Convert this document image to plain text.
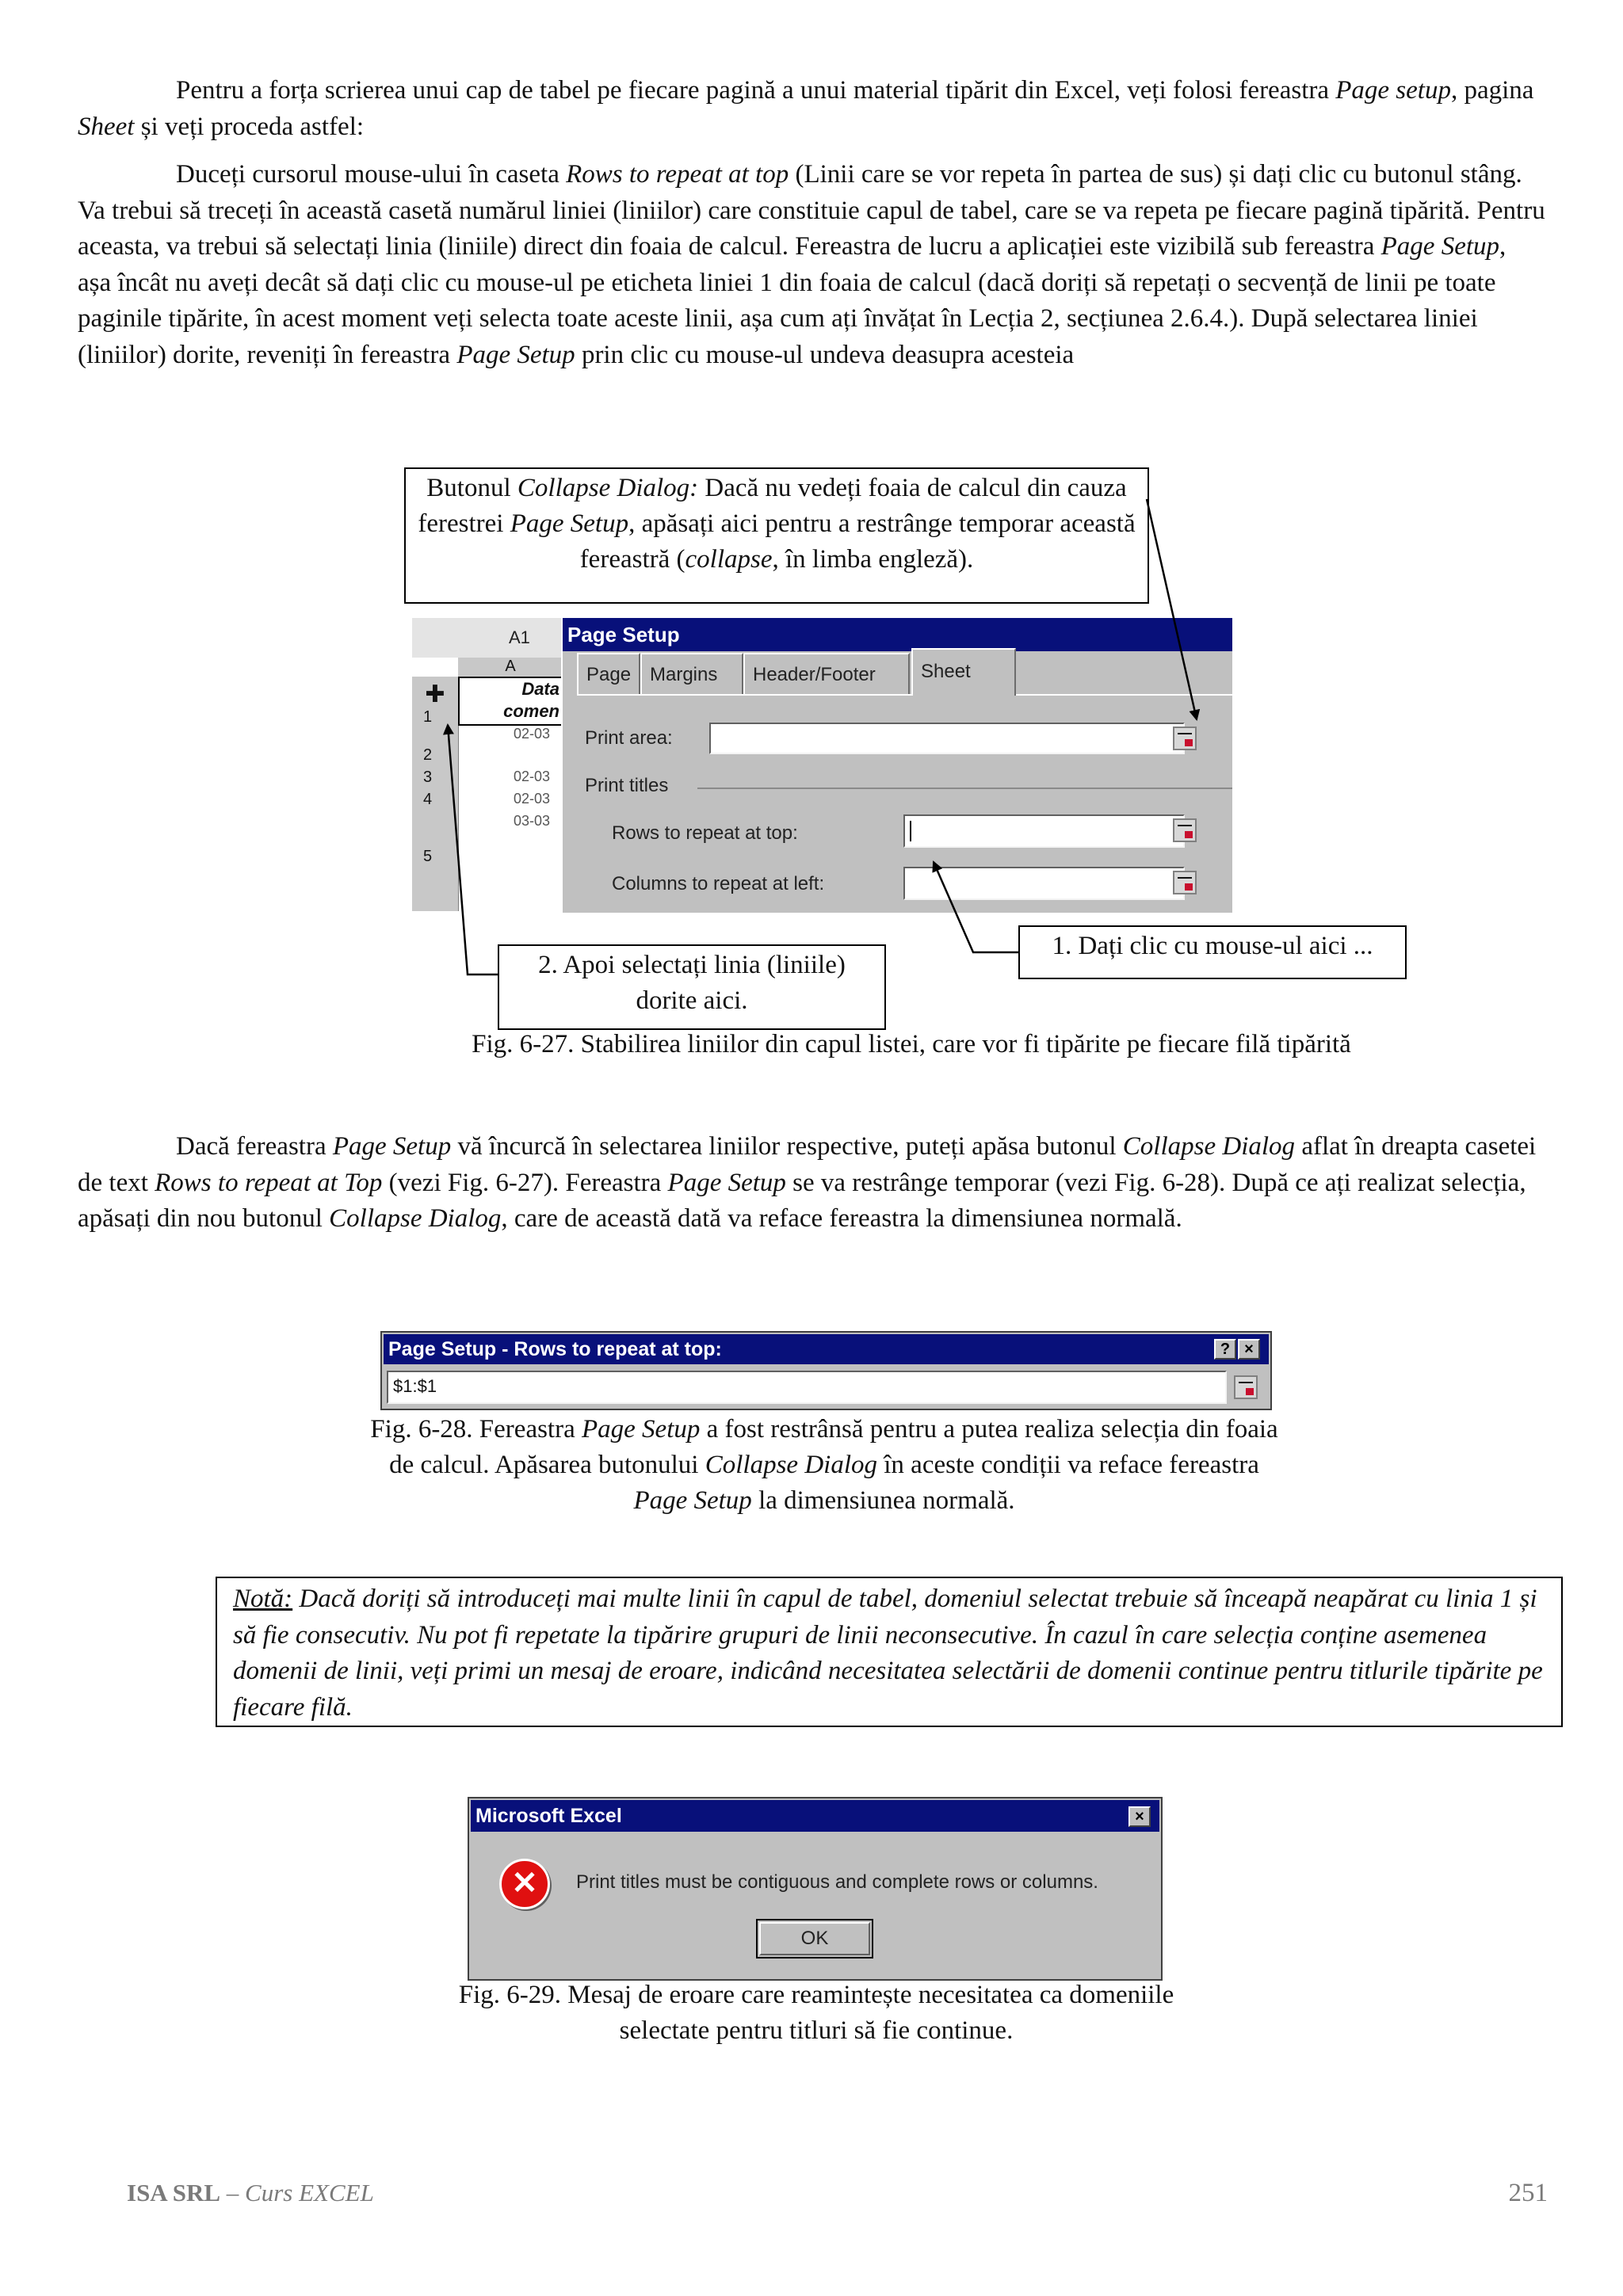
Pentru a forța scrierea unui cap de tabel pe fiecare pagină a unui material tipărit din Excel, veți folosi fereastra Page setup, pagina Sheet și veți proceda astfel:
Duceți cursorul mouse-ului în caseta Rows to repeat at top (Linii care se vor repeta în partea de sus) și dați clic cu butonul stâng. Va trebui să treceți în această casetă numărul liniei (liniilor) care constituie capul de tabel, care se va repeta pe fiecare pagină tipărită. Pentru aceasta, va trebui să selectați linia (liniile) direct din foaia de calcul. Fereastra de lucru a aplicației este vizibilă sub fereastra Page Setup, așa încât nu aveți decât să dați clic cu mouse-ul pe eticheta liniei 1 din foaia de calcul (dacă doriți să repetați o secvență de linii pe toate paginile tipărite, în acest moment veți selecta toate aceste linii, așa cum ați învățat în Lecția 2, secțiunea 2.6.4.). După selectarea liniei (liniilor) dorite, reveniți în fereastra Page Setup prin clic cu mouse-ul undeva deasupra acesteia
Butonul Collapse Dialog: Dacă nu vedeți foaia de calcul din cauza ferestrei Page Setup, apăsați aici pentru a restrânge temporar această fereastră (collapse, în limba engleză).
A1
A
Data
comen
✚
1
02-03
3
2
02-03
4	02-03
03-03
5
Page Setup
Page Margins	Header/Footer	Sheet
Print area:
Print titles
Rows to repeat at top:
Columns to repeat at left:
1. Dați clic cu mouse-ul aici ...
2. Apoi selectați linia (liniile) dorite aici.
Fig. 6-27. Stabilirea liniilor din capul listei, care vor fi tipărite pe fiecare filă tipărită
Dacă fereastra Page Setup vă încurcă în selectarea liniilor respective, puteți apăsa butonul Collapse Dialog aflat în dreapta casetei de text Rows to repeat at Top (vezi Fig. 6-27). Fereastra Page Setup se va restrânge temporar (vezi Fig. 6-28). După ce ați realizat selecția, apăsați din nou butonul Collapse Dialog, care de această dată va reface fereastra la dimensiunea normală.
Page Setup - Rows to repeat at top:	? ×
$1:$1
Fig. 6-28. Fereastra Page Setup a fost restrânsă pentru a putea realiza selecția din foaia de calcul. Apăsarea butonului Collapse Dialog în aceste condiții va reface fereastra Page Setup la dimensiunea normală.
Notă: Dacă doriți să introduceți mai multe linii în capul de tabel, domeniul selectat trebuie să înceapă neapărat cu linia 1 și să fie consecutiv. Nu pot fi repetate la tipărire grupuri de linii neconsecutive. În cazul în care selecția conține asemenea domenii de linii, veți primi un mesaj de eroare, indicând necesitatea selectării de domenii continue pentru titlurile tipărite pe fiecare filă.
Microsoft Excel	×
✕	Print titles must be contiguous and complete rows or columns.
OK
Fig. 6-29. Mesaj de eroare care reamintește necesitatea ca domeniile selectate pentru titluri să fie continue.
ISA SRL – Curs EXCEL	251
